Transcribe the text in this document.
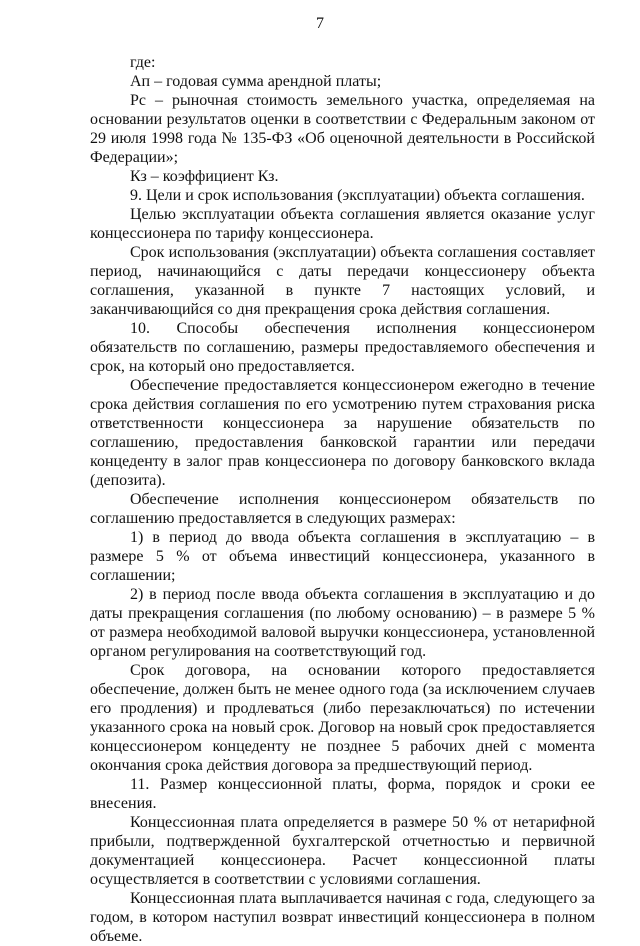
7

где:

Ап – годовая сумма арендной платы;

Рс – рыночная стоимость земельного участка, определяемая на основании результатов оценки в соответствии с Федеральным законом от 29 июля 1998 года № 135-ФЗ «Об оценочной деятельности в Российской Федерации»;

Кз – коэффициент Кз.

9. Цели и срок использования (эксплуатации) объекта соглашения.

Целью эксплуатации объекта соглашения является оказание услуг концессионера по тарифу концессионера.

Срок использования (эксплуатации) объекта соглашения составляет период, начинающийся с даты передачи концессионеру объекта соглашения, указанной в пункте 7 настоящих условий, и заканчивающийся со дня прекращения срока действия соглашения.

10. Способы обеспечения исполнения концессионером обязательств по соглашению, размеры предоставляемого обеспечения и срок, на который оно предоставляется.

Обеспечение предоставляется концессионером ежегодно в течение срока действия соглашения по его усмотрению путем страхования риска ответственности концессионера за нарушение обязательств по соглашению, предоставления банковской гарантии или передачи концеденту в залог прав концессионера по договору банковского вклада (депозита).

Обеспечение исполнения концессионером обязательств по соглашению предоставляется в следующих размерах:

1) в период до ввода объекта соглашения в эксплуатацию – в размере 5 % от объема инвестиций концессионера, указанного в соглашении;

2) в период после ввода объекта соглашения в эксплуатацию и до даты прекращения соглашения (по любому основанию) – в размере 5 % от размера необходимой валовой выручки концессионера, установленной органом регулирования на соответствующий год.

Срок договора, на основании которого предоставляется обеспечение, должен быть не менее одного года (за исключением случаев его продления) и продлеваться (либо перезаключаться) по истечении указанного срока на новый срок. Договор на новый срок предоставляется концессионером концеденту не позднее 5 рабочих дней с момента окончания срока действия договора за предшествующий период.

11. Размер концессионной платы, форма, порядок и сроки ее внесения.

Концессионная плата определяется в размере 50 % от нетарифной прибыли, подтвержденной бухгалтерской отчетностью и первичной документацией концессионера. Расчет концессионной платы осуществляется в соответствии с условиями соглашения.

Концессионная плата выплачивается начиная с года, следующего за годом, в котором наступил возврат инвестиций концессионера в полном объеме.
